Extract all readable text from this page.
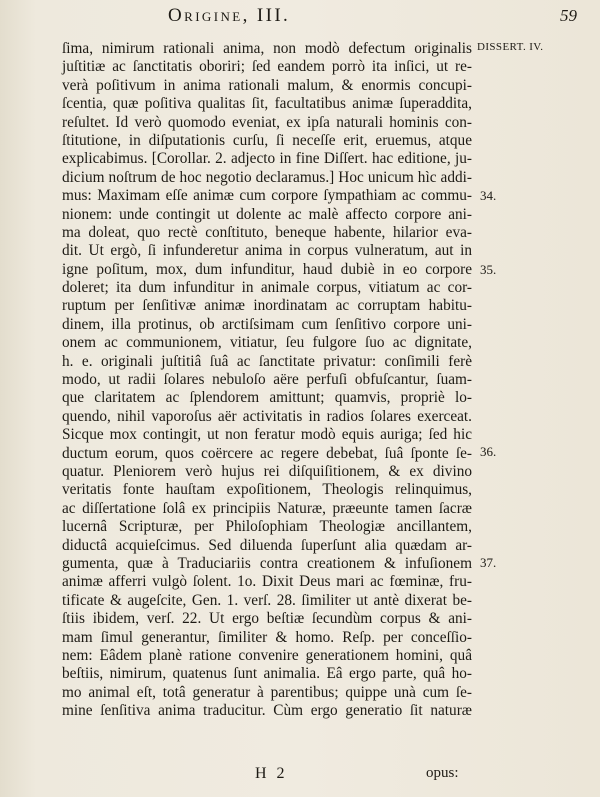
Origine, III.	59
DISSERT. IV.
34.
35.
36.
37.
ſima, nimirum rationali anima, non modò defectum originalis
juſtitiæ ac ſanctitatis oboriri; ſed eandem porrò ita inſici, ut re-
verà poſitivum in anima rationali malum, & enormis concupi-
ſcentia, quæ poſitiva qualitas ſit, facultatibus animæ ſuperaddita,
reſultet. Id verò quomodo eveniat, ex ipſa naturali hominis con-
ſtitutione, in diſputationis curſu, ſi neceſſe erit, eruemus, atque
explicabimus. [Corollar. 2. adjecto in fine Diſſert. hac editione, ju-
dicium noſtrum de hoc negotio declaramus.] Hoc unicum hìc addi-
mus: Maximam eſſe animæ cum corpore ſympathiam ac commu-
nionem: unde contingit ut dolente ac malè affecto corpore ani-
ma doleat, quo rectè conſtituto, beneque habente, hilarior eva-
dit. Ut ergò, ſi infunderetur anima in corpus vulneratum, aut in
igne poſitum, mox, dum infunditur, haud dubiè in eo corpore
doleret; ita dum infunditur in animale corpus, vitiatum ac cor-
ruptum per ſenſitivæ animæ inordinatam ac corruptam habitu-
dinem, illa protinus, ob arctiſsimam cum ſenſitivo corpore uni-
onem ac communionem, vitiatur, ſeu fulgore ſuo ac dignitate,
h. e. originali juſtitiâ ſuâ ac ſanctitate privatur: conſimili ferè
modo, ut radii ſolares nebuloſo aëre perfuſi obfuſcantur, ſuam-
que claritatem ac ſplendorem amittunt; quamvis, propriè lo-
quendo, nihil vaporoſus aër activitatis in radios ſolares exerceat.
Sicque mox contingit, ut non feratur modò equis auriga; ſed hic
ductum eorum, quos coërcere ac regere debebat, ſuâ ſponte ſe-
quatur. Pleniorem verò hujus rei diſquiſitionem, & ex divino
veritatis fonte hauſtam expoſitionem, Theologis relinquimus,
ac diſſertatione ſolâ ex principiis Naturæ, præeunte tamen ſacræ
lucernâ Scripturæ, per Philoſophiam Theologiæ ancillantem,
diductâ acquieſcimus. Sed diluenda ſuperſunt alia quædam ar-
gumenta, quæ à Traduciariis contra creationem & infuſionem
animæ afferri vulgò ſolent. 1o. Dixit Deus mari ac fœminæ, fru-
tificate & augeſcite, Gen. 1. verſ. 28. ſimiliter ut antè dixerat be-
ſtiis ibidem, verſ. 22. Ut ergo beſtiæ ſecundùm corpus & ani-
mam ſimul generantur, ſimiliter & homo. Reſp. per conceſſio-
nem: Eâdem planè ratione convenire generationem homini, quâ
beſtiis, nimirum, quatenus ſunt animalia. Eâ ergo parte, quâ ho-
mo animal eſt, totâ generatur à parentibus; quippe unà cum ſe-
mine ſenſitiva anima traducitur. Cùm ergo generatio ſit naturæ
H 2	opus:
